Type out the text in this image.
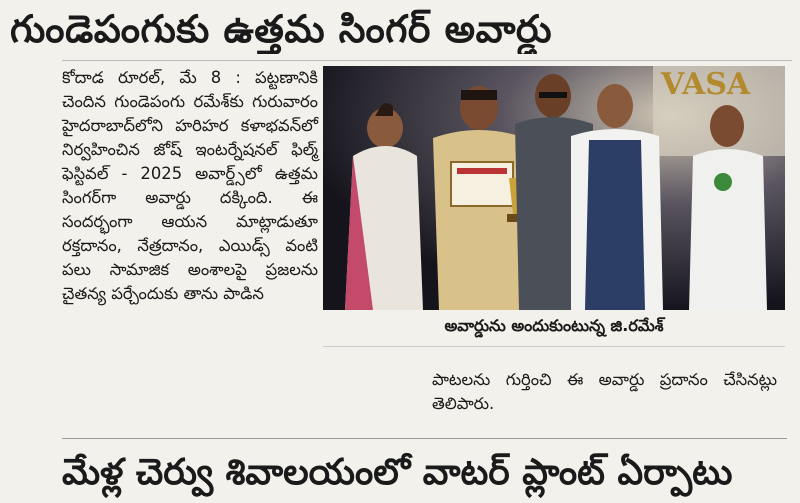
గుండెపంగుకు ఉత్తమ సింగర్ అవార్డు

కోదాడ రూరల్, మే 8 : పట్టణానికి చెందిన గుండెపంగు రమేశ్‌కు గురువారం హైదరాబాద్‌లోని హరిహర కళాభవన్‌లో నిర్వహించిన జోష్ ఇంటర్నేషనల్ ఫిల్మ్ ఫెస్టివల్ - 2025 అవార్డ్స్‌లో ఉత్తమ సింగర్‌గా అవార్డు దక్కింది. ఈ సందర్భంగా ఆయన మాట్లాడుతూ రక్తదానం, నేత్రదానం, ఎయిడ్స్ వంటి పలు సామాజిక అంశాలపై ప్రజలను చైతన్య పర్చేందుకు తాను పాడిన

VASA
అవార్డును అందుకుంటున్న జి.రమేశ్
పాటలను గుర్తించి ఈ అవార్డు ప్రదానం చేసినట్లు తెలిపారు.
మేళ్ల చెర్వు శివాలయంలో వాటర్ ప్లాంట్ ఏర్పాటు
